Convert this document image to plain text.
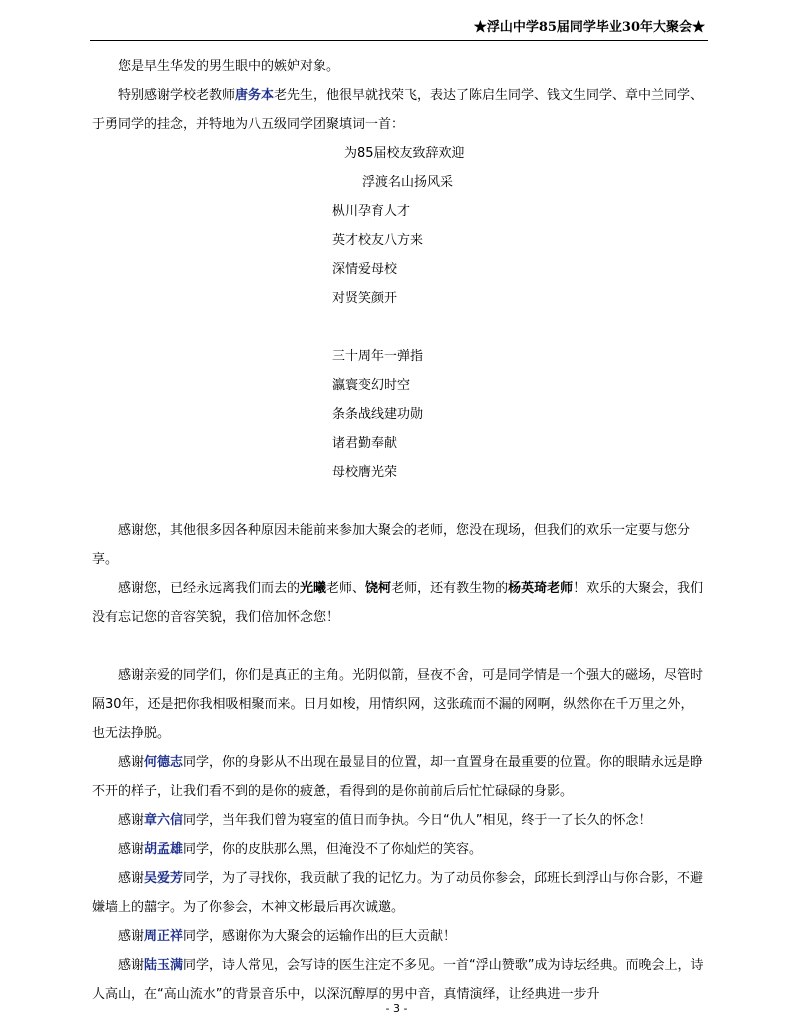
★浮山中学85届同学毕业30年大聚会★

您是早生华发的男生眼中的嫉妒对象。

特别感谢学校老教师唐务本老先生，他很早就找荣飞，表达了陈启生同学、钱文生同学、章中兰同学、于勇同学的挂念，并特地为八五级同学团聚填词一首：

为85届校友致辞欢迎
浮渡名山扬风采
枞川孕育人才
英才校友八方来
深情爱母校
对贤笑颜开
三十周年一弹指
瀛寰变幻时空
条条战线建功勋
诸君勤奉献
母校膺光荣

感谢您，其他很多因各种原因未能前来参加大聚会的老师，您没在现场，但我们的欢乐一定要与您分享。

感谢您，已经永远离我们而去的光曦老师、饶柯老师，还有教生物的杨英琦老师！欢乐的大聚会，我们没有忘记您的音容笑貌，我们倍加怀念您！

感谢亲爱的同学们，你们是真正的主角。光阴似箭，昼夜不舍，可是同学情是一个强大的磁场，尽管时隔30年，还是把你我相吸相聚而来。日月如梭，用情织网，这张疏而不漏的网啊，纵然你在千万里之外，也无法挣脱。

感谢何德志同学，你的身影从不出现在最显目的位置，却一直置身在最重要的位置。你的眼睛永远是睁不开的样子，让我们看不到的是你的疲惫，看得到的是你前前后后忙忙碌碌的身影。

感谢章六信同学，当年我们曾为寝室的值日而争执。今日“仇人”相见，终于一了长久的怀念！

感谢胡孟雄同学，你的皮肤那么黑，但淹没不了你灿烂的笑容。

感谢吴爱芳同学，为了寻找你，我贡献了我的记忆力。为了动员你参会，邱班长到浮山与你合影，不避嫌墙上的囍字。为了你参会，木神文彬最后再次诚邀。

感谢周正祥同学，感谢你为大聚会的运输作出的巨大贡献！

感谢陆玉满同学，诗人常见，会写诗的医生注定不多见。一首“浮山赞歌”成为诗坛经典。而晚会上，诗人高山，在“高山流水”的背景音乐中，以深沉醇厚的男中音，真情演绎，让经典进一步升

- 3 -
